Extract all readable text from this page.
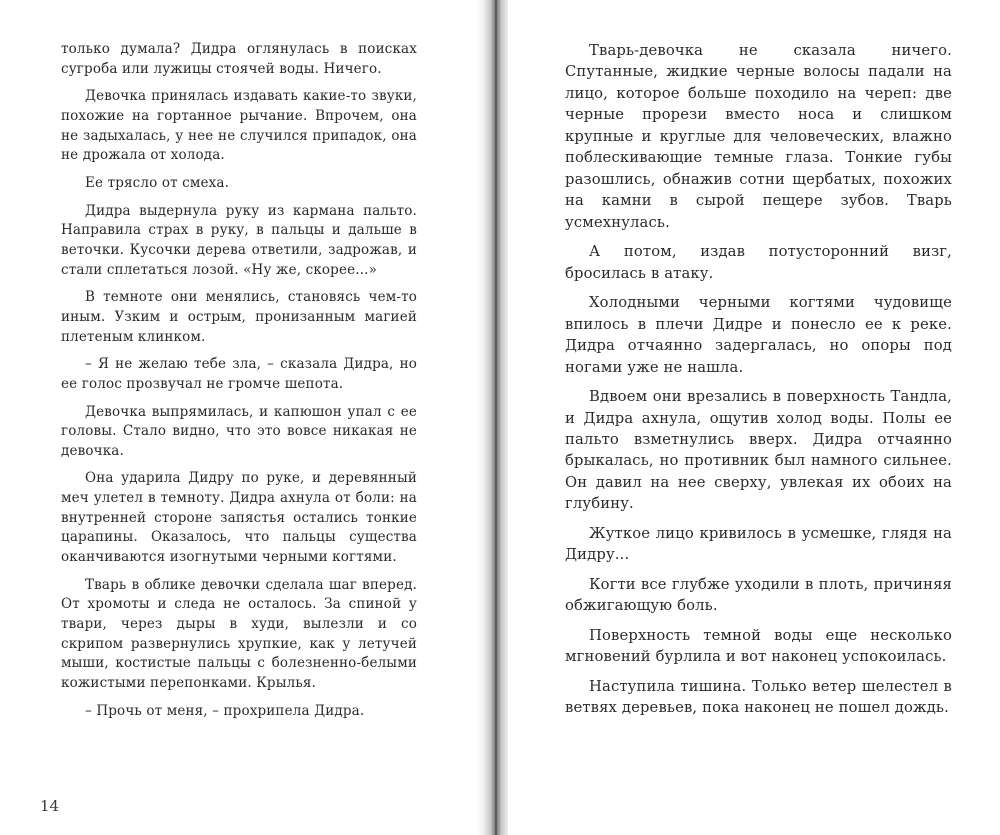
только думала? Дидра оглянулась в поисках сугроба или лужицы стоячей воды. Ничего.

Девочка принялась издавать какие-то звуки, похожие на гортанное рычание. Впрочем, она не задыхалась, у нее не случился припадок, она не дрожала от холода.

Ее трясло от смеха.

Дидра выдернула руку из кармана пальто. Направила страх в руку, в пальцы и дальше в веточки. Кусочки дерева ответили, задрожав, и стали сплетаться лозой. «Ну же, скорее...»

В темноте они менялись, становясь чем-то иным. Узким и острым, пронизанным магией плетеным клинком.

– Я не желаю тебе зла, – сказала Дидра, но ее голос прозвучал не громче шепота.

Девочка выпрямилась, и капюшон упал с ее головы. Стало видно, что это вовсе никакая не девочка.

Она ударила Дидру по руке, и деревянный меч улетел в темноту. Дидра ахнула от боли: на внутренней стороне запястья остались тонкие царапины. Оказалось, что пальцы существа оканчиваются изогнутыми черными когтями.

Тварь в облике девочки сделала шаг вперед. От хромоты и следа не осталось. За спиной у твари, через дыры в худи, вылезли и со скрипом развернулись хрупкие, как у летучей мыши, костистые пальцы с болезненно-белыми кожистыми перепонками. Крылья.

– Прочь от меня, – прохрипела Дидра.

14

Тварь-девочка не сказала ничего. Спутанные, жидкие черные волосы падали на лицо, которое больше походило на череп: две черные прорези вместо носа и слишком крупные и круглые для человеческих, влажно поблескивающие темные глаза. Тонкие губы разошлись, обнажив сотни щербатых, похожих на камни в сырой пещере зубов. Тварь усмехнулась.

А потом, издав потусторонний визг, бросилась в атаку.

Холодными черными когтями чудовище впилось в плечи Дидре и понесло ее к реке. Дидра отчаянно задергалась, но опоры под ногами уже не нашла.

Вдвоем они врезались в поверхность Тандла, и Дидра ахнула, ощутив холод воды. Полы ее пальто взметнулись вверх. Дидра отчаянно брыкалась, но противник был намного сильнее. Он давил на нее сверху, увлекая их обоих на глубину.

Жуткое лицо кривилось в усмешке, глядя на Дидру...

Когти все глубже уходили в плоть, причиняя обжигающую боль.

Поверхность темной воды еще несколько мгновений бурлила и вот наконец успокоилась.

Наступила тишина. Только ветер шелестел в ветвях деревьев, пока наконец не пошел дождь.
